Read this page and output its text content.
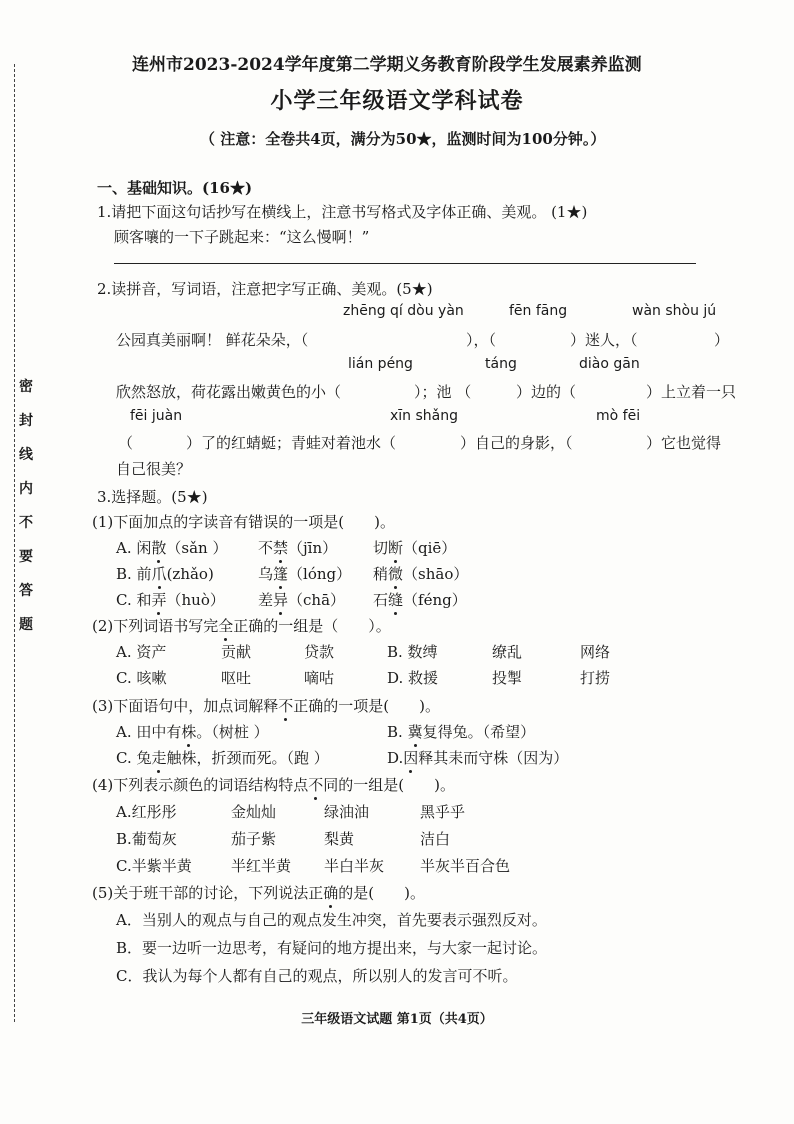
密
封
线
内
不
要
答
题
连州市2023-2024学年度第二学期义务教育阶段学生发展素养监测
小学三年级语文学科试卷
（ 注意：全卷共4页，满分为50★，监测时间为100分钟。）
一、基础知识。(16★)
1.请把下面这句话抄写在横线上，注意书写格式及字体正确、美观。 (1★)
顾客嚷的一下子跳起来：“这么慢啊！”
2.读拼音，写词语，注意把字写正确、美观。(5★)
zhēng qí dòu yàn	fēn fāng	wàn shòu jú
公园真美丽啊！ 鲜花朵朵，（	），（	）迷人，（	）
lián péng	táng	diào gān
欣然怒放，荷花露出嫩黄色的小（	）；池 （	）边的（	）上立着一只
fēi juàn	xīn shǎng	mò fēi
（	）了的红蜻蜓；青蛙对着池水（	）自己的身影，（	）它也觉得
自己很美？
3.选择题。(5★)
(1)下面加点的字读音有错误的一项是(　　)。
A. 闲散（sǎn ） 不禁（jīn） 切断（qiē）
B. 前爪(zhǎo)	乌篷（lóng） 稍微（shāo）
C. 和弄（huò） 差异（chā） 石缝（féng）
(2)下列词语书写完全正确的一组是（　　）。
A. 资产	贡献	贷款	B. 数缚	缭乱	网络
C. 咳嗽	呕吐	嘀咕	D. 救援	投掣	打捞
(3)下面语句中，加点词解释不正确的一项是(　　)。
A. 田中有株。（树桩 ）	B. 冀复得兔。（希望）
C. 兔走触株，折颈而死。（跑 ）	D.因释其耒而守株（因为）
(4)下列表示颜色的词语结构特点不同的一组是(　　)。
A.红彤彤	金灿灿	绿油油	黑乎乎
B.葡萄灰	茄子紫	梨黄	洁白
C.半紫半黄	半红半黄 半白半灰 半灰半百合色
(5)关于班干部的讨论，下列说法正确的是(　　)。
A．当别人的观点与自己的观点发生冲突，首先要表示强烈反对。
B．要一边听一边思考，有疑问的地方提出来，与大家一起讨论。
C．我认为每个人都有自己的观点，所以别人的发言可不听。
三年级语文试题 第1页（共4页）
